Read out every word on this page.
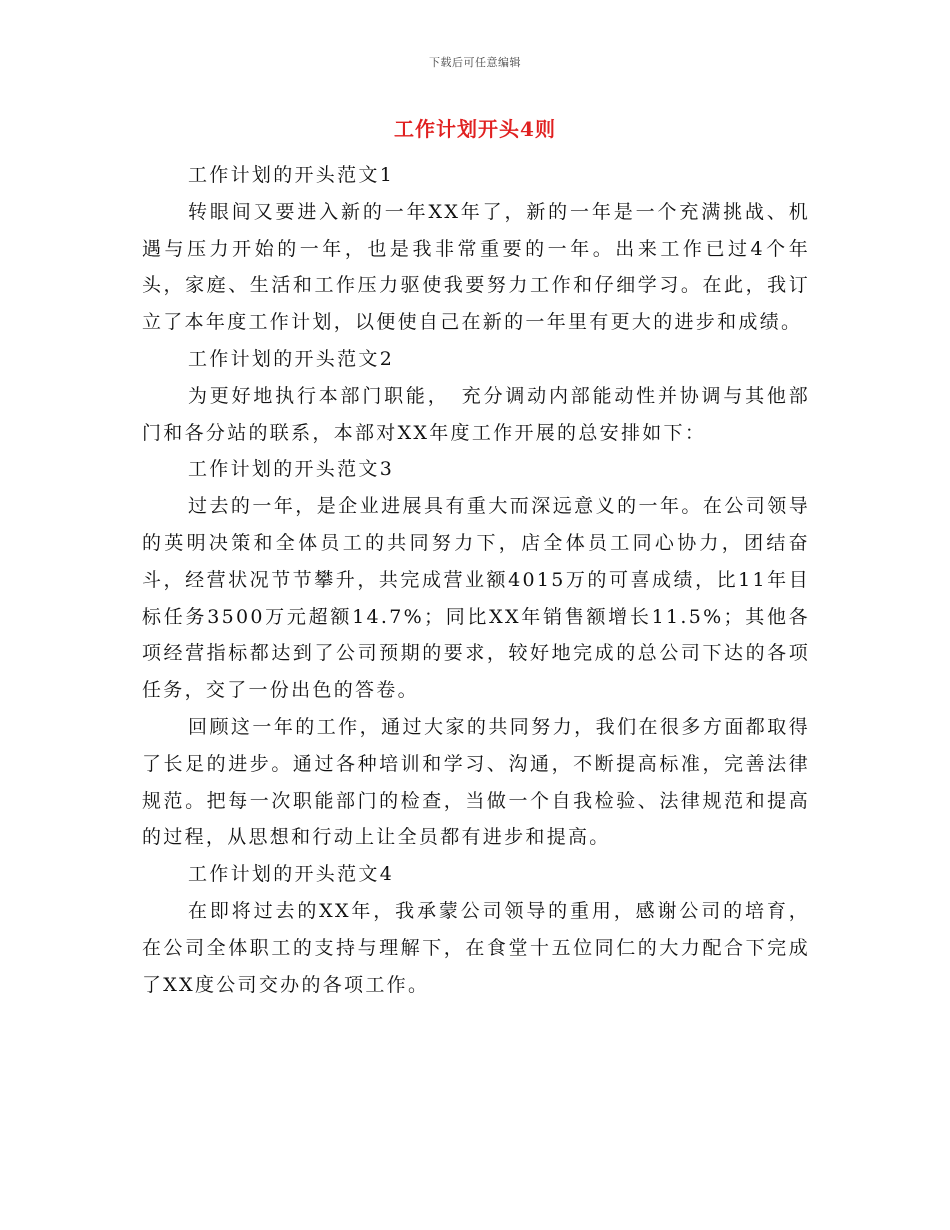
下载后可任意编辑
工作计划开头4则

工作计划的开头范文1

转眼间又要进入新的一年XX年了，新的一年是一个充满挑战、机遇与压力开始的一年，也是我非常重要的一年。出来工作已过4个年头，家庭、生活和工作压力驱使我要努力工作和仔细学习。在此，我订立了本年度工作计划，以便使自己在新的一年里有更大的进步和成绩。

工作计划的开头范文2

为更好地执行本部门职能，　充分调动内部能动性并协调与其他部门和各分站的联系，本部对XX年度工作开展的总安排如下：

工作计划的开头范文3

过去的一年，是企业进展具有重大而深远意义的一年。在公司领导的英明决策和全体员工的共同努力下，店全体员工同心协力，团结奋斗，经营状况节节攀升，共完成营业额4015万的可喜成绩，比11年目标任务3500万元超额14.7%；同比XX年销售额增长11.5%；其他各项经营指标都达到了公司预期的要求，较好地完成的总公司下达的各项任务，交了一份出色的答卷。

回顾这一年的工作，通过大家的共同努力，我们在很多方面都取得了长足的进步。通过各种培训和学习、沟通，不断提高标准，完善法律规范。把每一次职能部门的检查，当做一个自我检验、法律规范和提高的过程，从思想和行动上让全员都有进步和提高。

工作计划的开头范文4

在即将过去的XX年，我承蒙公司领导的重用，感谢公司的培育，在公司全体职工的支持与理解下，在食堂十五位同仁的大力配合下完成了XX度公司交办的各项工作。
